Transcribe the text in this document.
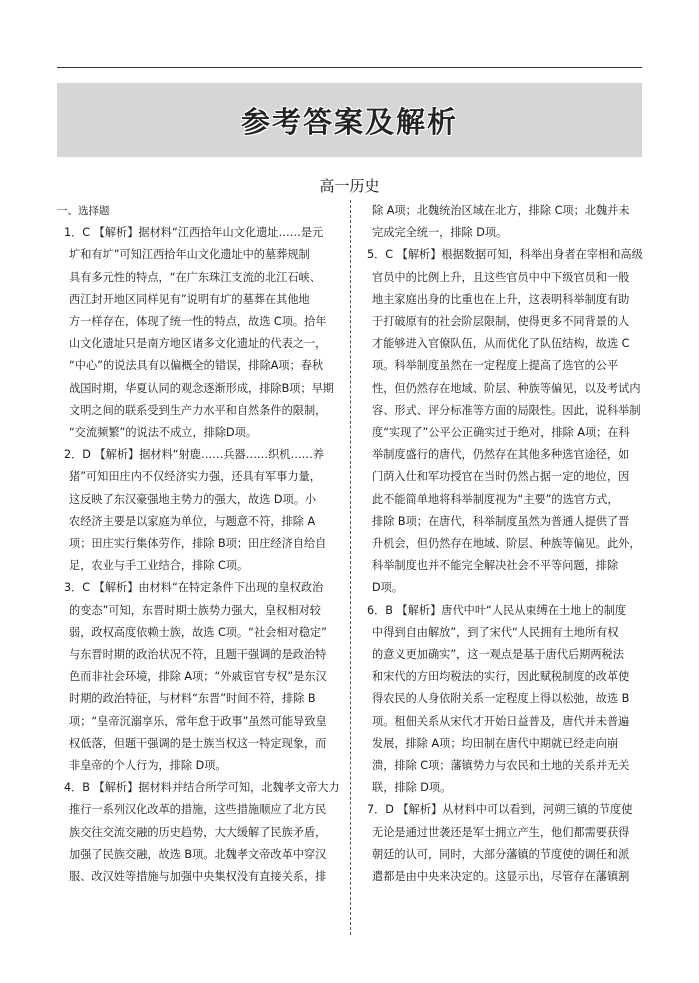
参考答案及解析
高一历史
一、选择题
1．C 【解析】据材料“江西拾年山文化遗址……是元
圹和有圹”可知江西拾年山文化遗址中的墓葬规制
具有多元性的特点，“在广东珠江支流的北江石峡、
西江封开地区同样见有”说明有圹的墓葬在其他地
方一样存在，体现了统一性的特点，故选 C项。拾年
山文化遗址只是南方地区诸多文化遗址的代表之一，
“中心”的说法具有以偏概全的错误，排除A项；春秋
战国时期，华夏认同的观念逐渐形成，排除B项；早期
文明之间的联系受到生产力水平和自然条件的限制，
“交流频繁”的说法不成立，排除D项。
2．D 【解析】据材料“射鹿……兵器……织机……养
猪”可知田庄内不仅经济实力强，还具有军事力量，
这反映了东汉豪强地主势力的强大，故选 D项。小
农经济主要是以家庭为单位，与题意不符，排除 A
项；田庄实行集体劳作，排除 B项；田庄经济自给自
足，农业与手工业结合，排除 C项。
3．C 【解析】由材料“在特定条件下出现的皇权政治
的变态”可知，东晋时期士族势力强大，皇权相对较
弱，政权高度依赖士族，故选 C项。“社会相对稳定”
与东晋时期的政治状况不符，且题干强调的是政治特
色而非社会环境，排除 A项；“外戚宦官专权”是东汉
时期的政治特征，与材料“东晋”时间不符，排除 B
项；“皇帝沉溺享乐，常年怠于政事”虽然可能导致皇
权低落，但题干强调的是士族当权这一特定现象，而
非皇帝的个人行为，排除 D项。
4．B 【解析】据材料并结合所学可知，北魏孝文帝大力
推行一系列汉化改革的措施，这些措施顺应了北方民
族交往交流交融的历史趋势，大大缓解了民族矛盾，
加强了民族交融，故选 B项。北魏孝文帝改革中穿汉
服、改汉姓等措施与加强中央集权没有直接关系，排
除 A项；北魏统治区域在北方，排除 C项；北魏并未
完成完全统一，排除 D项。
5．C 【解析】根据数据可知，科举出身者在宰相和高级
官员中的比例上升，且这些官员中中下级官员和一般
地主家庭出身的比重也在上升，这表明科举制度有助
于打破原有的社会阶层限制，使得更多不同背景的人
才能够进入官僚队伍，从而优化了队伍结构，故选 C
项。科举制度虽然在一定程度上提高了选官的公平
性，但仍然存在地域、阶层、种族等偏见，以及考试内
容、形式、评分标准等方面的局限性。因此，说科举制
度“实现了”公平公正确实过于绝对，排除 A项；在科
举制度盛行的唐代，仍然存在其他多种选官途径，如
门荫入仕和军功授官在当时仍然占据一定的地位，因
此不能简单地将科举制度视为“主要”的选官方式，
排除 B项；在唐代，科举制度虽然为普通人提供了晋
升机会，但仍然存在地域、阶层、种族等偏见。此外，
科举制度也并不能完全解决社会不平等问题，排除
D项。
6．B 【解析】唐代中叶“人民从束缚在土地上的制度
中得到自由解放”，到了宋代“人民拥有土地所有权
的意义更加确实”，这一观点是基于唐代后期两税法
和宋代的方田均税法的实行，因此赋税制度的改革使
得农民的人身依附关系一定程度上得以松弛，故选 B
项。租佃关系从宋代才开始日益普及，唐代并未普遍
发展，排除 A项；均田制在唐代中期就已经走向崩
溃，排除 C项；藩镇势力与农民和土地的关系并无关
联，排除 D项。
7．D 【解析】从材料中可以看到，河朔三镇的节度使
无论是通过世袭还是军士拥立产生，他们都需要获得
朝廷的认可，同时，大部分藩镇的节度使的调任和派
遣都是由中央来决定的。这显示出，尽管存在藩镇割
